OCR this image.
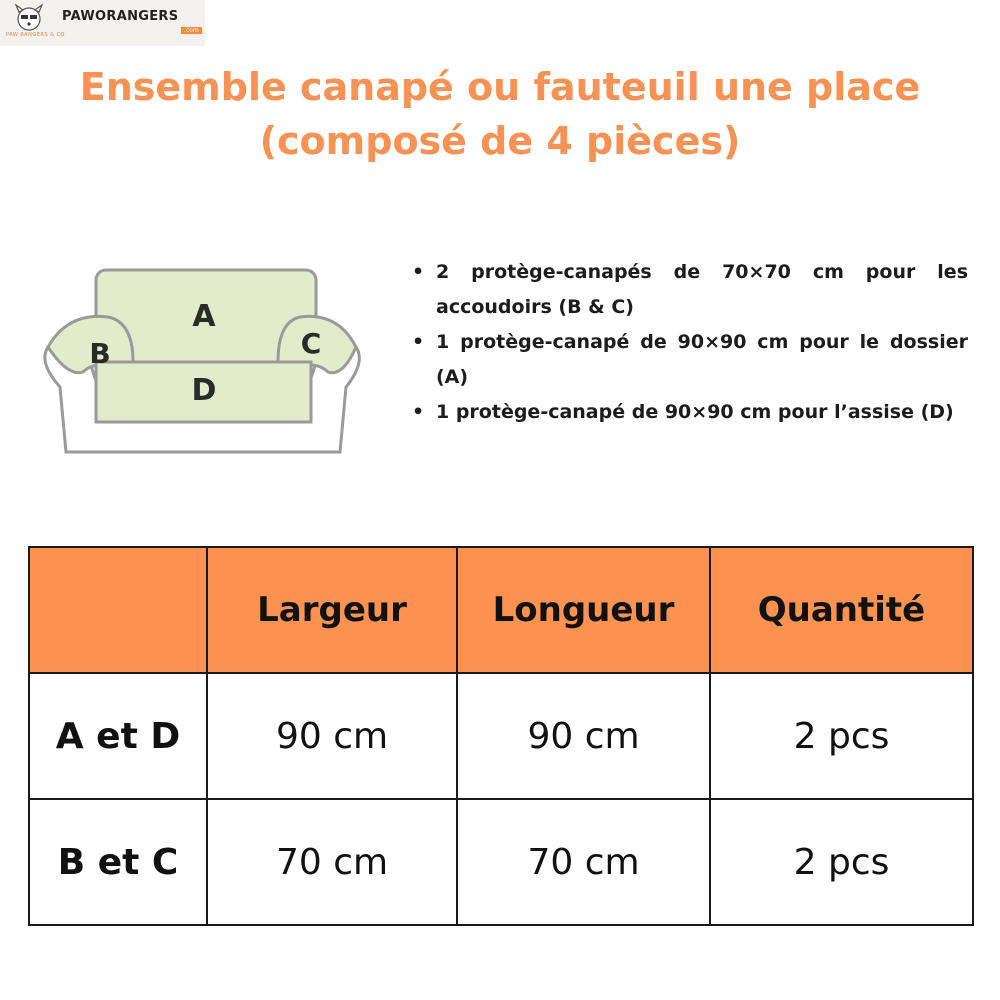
PAWORANGERS
PAW RANGERS & CO
.com
Ensemble canapé ou fauteuil une place
(composé de 4 pièces)
A
B	C
D
• 2 protège-canapés de 70×70 cm pour les accoudoirs (B & C)
• 1 protège-canapé de 90×90 cm pour le dossier (A)
• 1 protège-canapé de 90×90 cm pour l’assise (D)
	Largeur	Longueur	Quantité
A et D	90 cm	90 cm	2 pcs
B et C	70 cm	70 cm	2 pcs
